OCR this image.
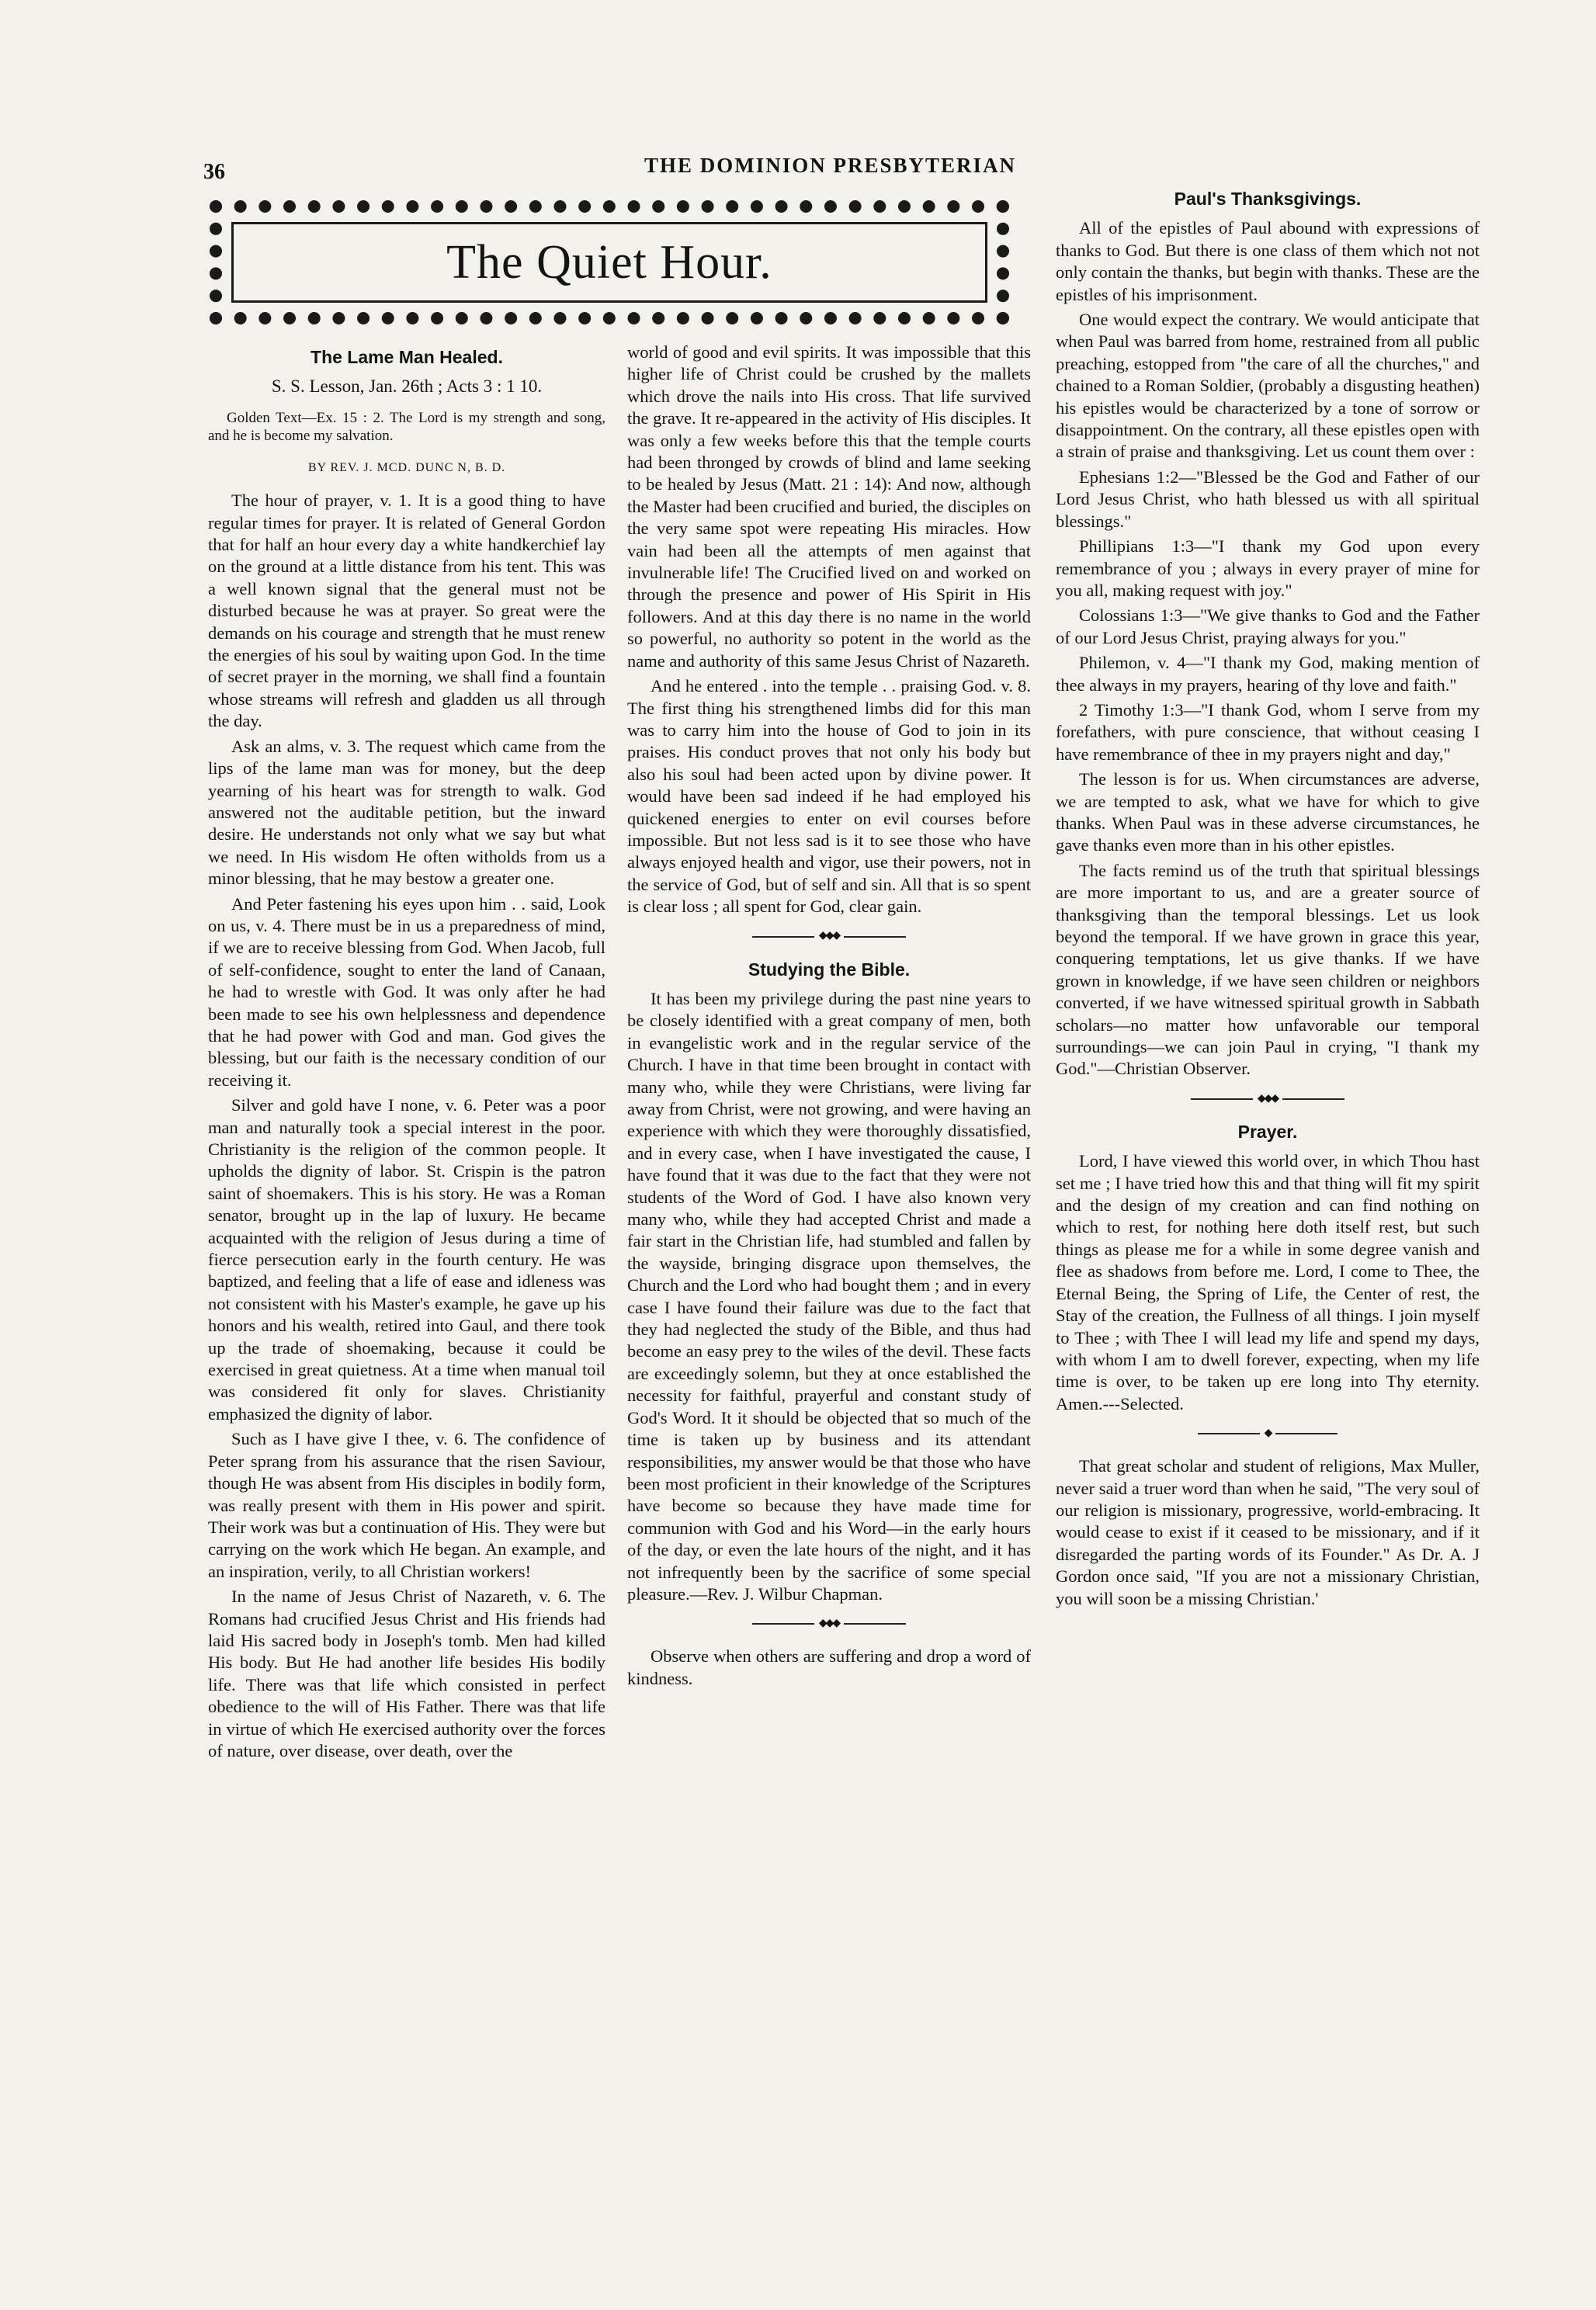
36	THE DOMINION PRESBYTERIAN
The Quiet Hour.
The Lame Man Healed.
S. S. Lesson, Jan. 26th ; Acts 3 : 1 10.
Golden Text—Ex. 15 : 2. The Lord is my strength and song, and he is become my salvation.
BY REV. J. MCD. DUNC N, B. D.

The hour of prayer, v. 1. It is a good thing to have regular times for prayer. It is related of General Gordon that for half an hour every day a white handkerchief lay on the ground at a little distance from his tent. This was a well known signal that the general must not be disturbed because he was at prayer. So great were the demands on his courage and strength that he must renew the energies of his soul by waiting upon God. In the time of secret prayer in the morning, we shall find a fountain whose streams will refresh and gladden us all through the day.

Ask an alms, v. 3. The request which came from the lips of the lame man was for money, but the deep yearning of his heart was for strength to walk. God answered not the auditable petition, but the inward desire. He understands not only what we say but what we need. In His wisdom He often witholds from us a minor blessing, that he may bestow a greater one.

And Peter fastening his eyes upon him . . said, Look on us, v. 4. There must be in us a preparedness of mind, if we are to receive blessing from God. When Jacob, full of self-confidence, sought to enter the land of Canaan, he had to wrestle with God. It was only after he had been made to see his own helplessness and dependence that he had power with God and man. God gives the blessing, but our faith is the necessary condition of our receiving it.

Silver and gold have I none, v. 6. Peter was a poor man and naturally took a special interest in the poor. Christianity is the religion of the common people. It upholds the dignity of labor. St. Crispin is the patron saint of shoemakers. This is his story. He was a Roman senator, brought up in the lap of luxury. He became acquainted with the religion of Jesus during a time of fierce persecution early in the fourth century. He was baptized, and feeling that a life of ease and idleness was not consistent with his Master's example, he gave up his honors and his wealth, retired into Gaul, and there took up the trade of shoemaking, because it could be exercised in great quietness. At a time when manual toil was considered fit only for slaves. Christianity emphasized the dignity of labor.

Such as I have give I thee, v. 6. The confidence of Peter sprang from his assurance that the risen Saviour, though He was absent from His disciples in bodily form, was really present with them in His power and spirit. Their work was but a continuation of His. They were but carrying on the work which He began. An example, and an inspiration, verily, to all Christian workers!

In the name of Jesus Christ of Nazareth, v. 6. The Romans had crucified Jesus Christ and His friends had laid His sacred body in Joseph's tomb. Men had killed His body. But He had another life besides His bodily life. There was that life which consisted in perfect obedience to the will of His Father. There was that life in virtue of which He exercised authority over the forces of nature, over disease, over death, over the

world of good and evil spirits. It was impossible that this higher life of Christ could be crushed by the mallets which drove the nails into His cross. That life survived the grave. It re-appeared in the activity of His disciples. It was only a few weeks before this that the temple courts had been thronged by crowds of blind and lame seeking to be healed by Jesus (Matt. 21 : 14): And now, although the Master had been crucified and buried, the disciples on the very same spot were repeating His miracles. How vain had been all the attempts of men against that invulnerable life! The Crucified lived on and worked on through the presence and power of His Spirit in His followers. And at this day there is no name in the world so powerful, no authority so potent in the world as the name and authority of this same Jesus Christ of Nazareth.

And he entered . into the temple . . praising God. v. 8. The first thing his strengthened limbs did for this man was to carry him into the house of God to join in its praises. His conduct proves that not only his body but also his soul had been acted upon by divine power. It would have been sad indeed if he had employed his quickened energies to enter on evil courses before impossible. But not less sad is it to see those who have always enjoyed health and vigor, use their powers, not in the service of God, but of self and sin. All that is so spent is clear loss ; all spent for God, clear gain.

◆◆◆
Studying the Bible.

It has been my privilege during the past nine years to be closely identified with a great company of men, both in evangelistic work and in the regular service of the Church. I have in that time been brought in contact with many who, while they were Christians, were living far away from Christ, were not growing, and were having an experience with which they were thoroughly dissatisfied, and in every case, when I have investigated the cause, I have found that it was due to the fact that they were not students of the Word of God. I have also known very many who, while they had accepted Christ and made a fair start in the Christian life, had stumbled and fallen by the wayside, bringing disgrace upon themselves, the Church and the Lord who had bought them ; and in every case I have found their failure was due to the fact that they had neglected the study of the Bible, and thus had become an easy prey to the wiles of the devil. These facts are exceedingly solemn, but they at once established the necessity for faithful, prayerful and constant study of God's Word. It it should be objected that so much of the time is taken up by business and its attendant responsibilities, my answer would be that those who have been most proficient in their knowledge of the Scriptures have become so because they have made time for communion with God and his Word—in the early hours of the day, or even the late hours of the night, and it has not infrequently been by the sacrifice of some special pleasure.—Rev. J. Wilbur Chapman.

◆◆◆

Observe when others are suffering and drop a word of kindness.

Paul's Thanksgivings.

All of the epistles of Paul abound with expressions of thanks to God. But there is one class of them which not not only contain the thanks, but begin with thanks. These are the epistles of his imprisonment.

One would expect the contrary. We would anticipate that when Paul was barred from home, restrained from all public preaching, estopped from "the care of all the churches," and chained to a Roman Soldier, (probably a disgusting heathen) his epistles would be characterized by a tone of sorrow or disappointment. On the contrary, all these epistles open with a strain of praise and thanksgiving. Let us count them over :

Ephesians 1:2—"Blessed be the God and Father of our Lord Jesus Christ, who hath blessed us with all spiritual blessings."

Phillipians 1:3—"I thank my God upon every remembrance of you ; always in every prayer of mine for you all, making request with joy."

Colossians 1:3—"We give thanks to God and the Father of our Lord Jesus Christ, praying always for you."

Philemon, v. 4—"I thank my God, making mention of thee always in my prayers, hearing of thy love and faith."

2 Timothy 1:3—"I thank God, whom I serve from my forefathers, with pure conscience, that without ceasing I have remembrance of thee in my prayers night and day,"

The lesson is for us. When circumstances are adverse, we are tempted to ask, what we have for which to give thanks. When Paul was in these adverse circumstances, he gave thanks even more than in his other epistles.

The facts remind us of the truth that spiritual blessings are more important to us, and are a greater source of thanksgiving than the temporal blessings. Let us look beyond the temporal. If we have grown in grace this year, conquering temptations, let us give thanks. If we have grown in knowledge, if we have seen children or neighbors converted, if we have witnessed spiritual growth in Sabbath scholars—no matter how unfavorable our temporal surroundings—we can join Paul in crying, "I thank my God."—Christian Observer.

◆◆◆
Prayer.

Lord, I have viewed this world over, in which Thou hast set me ; I have tried how this and that thing will fit my spirit and the design of my creation and can find nothing on which to rest, for nothing here doth itself rest, but such things as please me for a while in some degree vanish and flee as shadows from before me. Lord, I come to Thee, the Eternal Being, the Spring of Life, the Center of rest, the Stay of the creation, the Fullness of all things. I join myself to Thee ; with Thee I will lead my life and spend my days, with whom I am to dwell forever, expecting, when my life time is over, to be taken up ere long into Thy eternity. Amen.---Selected.

◆

That great scholar and student of religions, Max Muller, never said a truer word than when he said, "The very soul of our religion is missionary, progressive, world-embracing. It would cease to exist if it ceased to be missionary, and if it disregarded the parting words of its Founder." As Dr. A. J Gordon once said, "If you are not a missionary Christian, you will soon be a missing Christian.'
